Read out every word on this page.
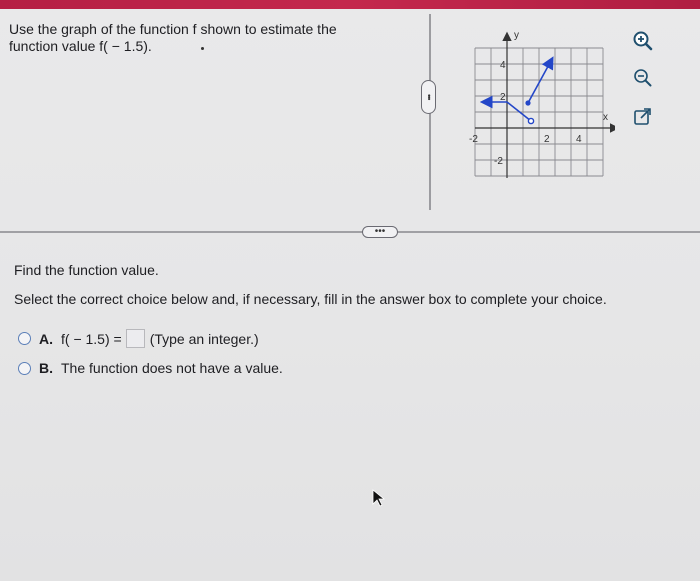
Use the graph of the function f shown to estimate the function value f( − 1.5).
•••
y
x
-2	2	4
4
2
-2
•••
Find the function value.
Select the correct choice below and, if necessary, fill in the answer box to complete your choice.
A. f( − 1.5) = (Type an integer.)
B. The function does not have a value.
